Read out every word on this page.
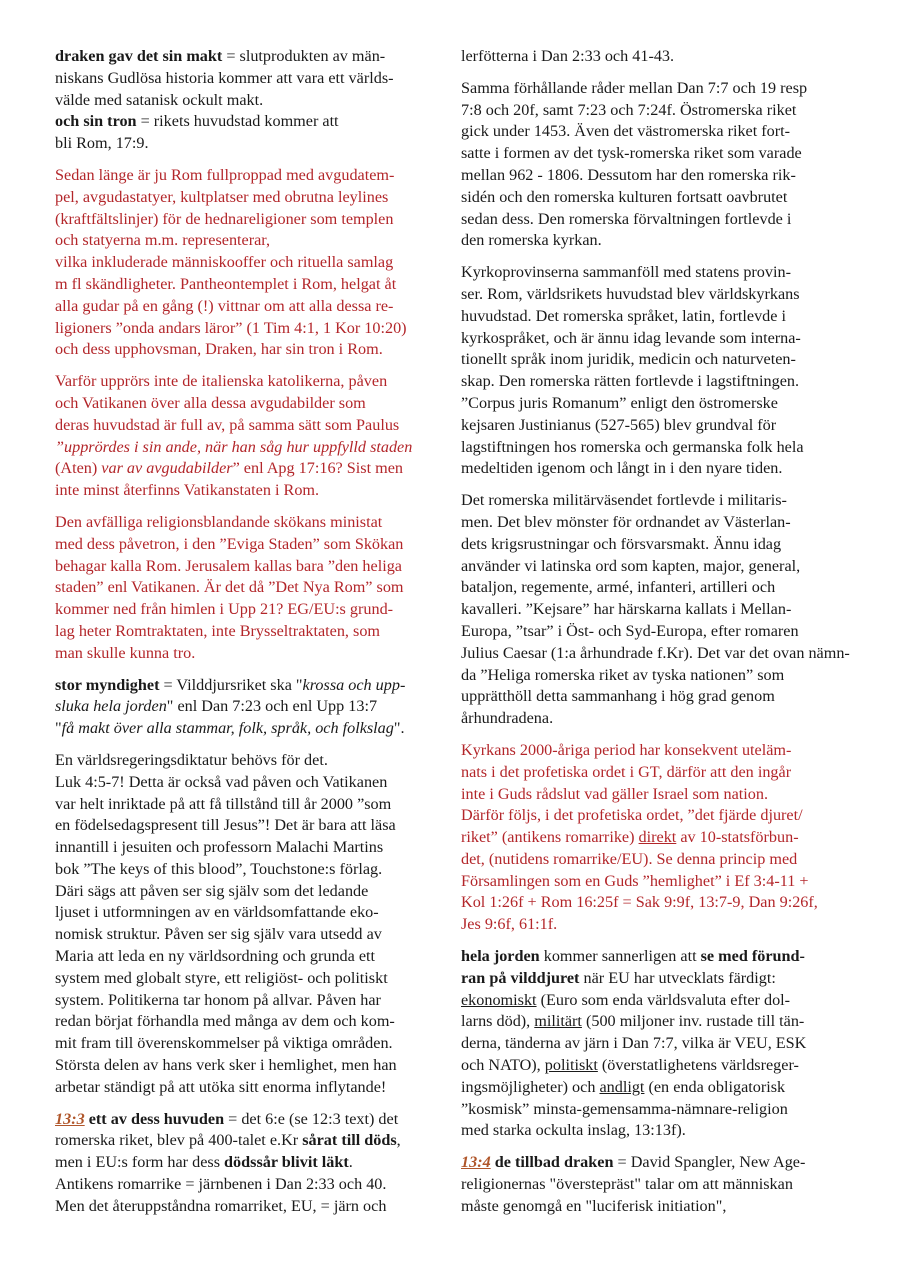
draken gav det sin makt = slutprodukten av män-
niskans Gudlösa historia kommer att vara ett världs-
välde med satanisk ockult makt.
och sin tron = rikets huvudstad kommer att
bli Rom, 17:9.

Sedan länge är ju Rom fullproppad med avgudatem-
pel, avgudastatyer, kultplatser med obrutna leylines
(kraftfältslinjer) för de hednareligioner som templen
och statyerna m.m. representerar,
vilka inkluderade människooffer och rituella samlag
m fl skändligheter. Pantheontemplet i Rom, helgat åt
alla gudar på en gång (!) vittnar om att alla dessa re-
ligioners ”onda andars läror” (1 Tim 4:1, 1 Kor 10:20)
och dess upphovsman, Draken, har sin tron i Rom.

Varför upprörs inte de italienska katolikerna, påven
och Vatikanen över alla dessa avgudabilder som
deras huvudstad är full av, på samma sätt som Paulus
”upprördes i sin ande, när han såg hur uppfylld staden
(Aten) var av avgudabilder” enl Apg 17:16? Sist men
inte minst återfinns Vatikanstaten i Rom.

Den avfälliga religionsblandande skökans ministat
med dess påvetron, i den ”Eviga Staden” som Skökan
behagar kalla Rom. Jerusalem kallas bara ”den heliga
staden” enl Vatikanen. Är det då ”Det Nya Rom” som
kommer ned från himlen i Upp 21? EG/EU:s grund-
lag heter Romtraktaten, inte Brysseltraktaten, som
man skulle kunna tro.

stor myndighet = Vilddjursriket ska "krossa och upp-
sluka hela jorden" enl Dan 7:23 och enl Upp 13:7
"få makt över alla stammar, folk, språk, och folkslag".

En världsregeringsdiktatur behövs för det.
Luk 4:5-7! Detta är också vad påven och Vatikanen
var helt inriktade på att få tillstånd till år 2000 ”som
en födelsedagspresent till Jesus”! Det är bara att läsa
innantill i jesuiten och professorn Malachi Martins
bok ”The keys of this blood”, Touchstone:s förlag.
Däri sägs att påven ser sig själv som det ledande
ljuset i utformningen av en världsomfattande eko-
nomisk struktur. Påven ser sig själv vara utsedd av
Maria att leda en ny världsordning och grunda ett
system med globalt styre, ett religiöst- och politiskt
system. Politikerna tar honom på allvar. Påven har
redan börjat förhandla med många av dem och kom-
mit fram till överenskommelser på viktiga områden.
Största delen av hans verk sker i hemlighet, men han
arbetar ständigt på att utöka sitt enorma inflytande!

13:3 ett av dess huvuden = det 6:e (se 12:3 text) det
romerska riket, blev på 400-talet e.Kr sårat till döds,
men i EU:s form har dess dödssår blivit läkt.
Antikens romarrike = järnbenen i Dan 2:33 och 40.
Men det återuppståndna romarriket, EU, = järn och

lerfötterna i Dan 2:33 och 41-43.

Samma förhållande råder mellan Dan 7:7 och 19 resp
7:8 och 20f, samt 7:23 och 7:24f. Östromerska riket
gick under 1453. Även det västromerska riket fort-
satte i formen av det tysk-romerska riket som varade
mellan 962 - 1806. Dessutom har den romerska rik-
sidén och den romerska kulturen fortsatt oavbrutet
sedan dess. Den romerska förvaltningen fortlevde i
den romerska kyrkan.

Kyrkoprovinserna sammanföll med statens provin-
ser. Rom, världsrikets huvudstad blev världskyrkans
huvudstad. Det romerska språket, latin, fortlevde i
kyrkospråket, och är ännu idag levande som interna-
tionellt språk inom juridik, medicin och naturveten-
skap. Den romerska rätten fortlevde i lagstiftningen.
”Corpus juris Romanum” enligt den östromerske
kejsaren Justinianus (527-565) blev grundval för
lagstiftningen hos romerska och germanska folk hela
medeltiden igenom och långt in i den nyare tiden.

Det romerska militärväsendet fortlevde i militaris-
men. Det blev mönster för ordnandet av Västerlan-
dets krigsrustningar och försvarsmakt. Ännu idag
använder vi latinska ord som kapten, major, general,
bataljon, regemente, armé, infanteri, artilleri och
kavalleri. ”Kejsare” har härskarna kallats i Mellan-
Europa, ”tsar” i Öst- och Syd-Europa, efter romaren
Julius Caesar (1:a århundrade f.Kr). Det var det ovan nämn-
da ”Heliga romerska riket av tyska nationen” som
upprätthöll detta sammanhang i hög grad genom
århundradena.

Kyrkans 2000-åriga period har konsekvent uteläm-
nats i det profetiska ordet i GT, därför att den ingår
inte i Guds rådslut vad gäller Israel som nation.
Därför följs, i det profetiska ordet, ”det fjärde djuret/
riket” (antikens romarrike) direkt av 10-statsförbun-
det, (nutidens romarrike/EU). Se denna princip med
Församlingen som en Guds ”hemlighet” i Ef 3:4-11 +
Kol 1:26f + Rom 16:25f = Sak 9:9f, 13:7-9, Dan 9:26f,
Jes 9:6f, 61:1f.

hela jorden kommer sannerligen att se med förund-
ran på vilddjuret när EU har utvecklats färdigt:
ekonomiskt (Euro som enda världsvaluta efter dol-
larns död), militärt (500 miljoner inv. rustade till tän-
derna, tänderna av järn i Dan 7:7, vilka är VEU, ESK
och NATO), politiskt (överstatlighetens världsreger-
ingsmöjligheter) och andligt (en enda obligatorisk
”kosmisk” minsta-gemensamma-nämnare-religion
med starka ockulta inslag, 13:13f).

13:4 de tillbad draken = David Spangler, New Age-
religionernas "överstepräst" talar om att människan
måste genomgå en "luciferisk initiation",
